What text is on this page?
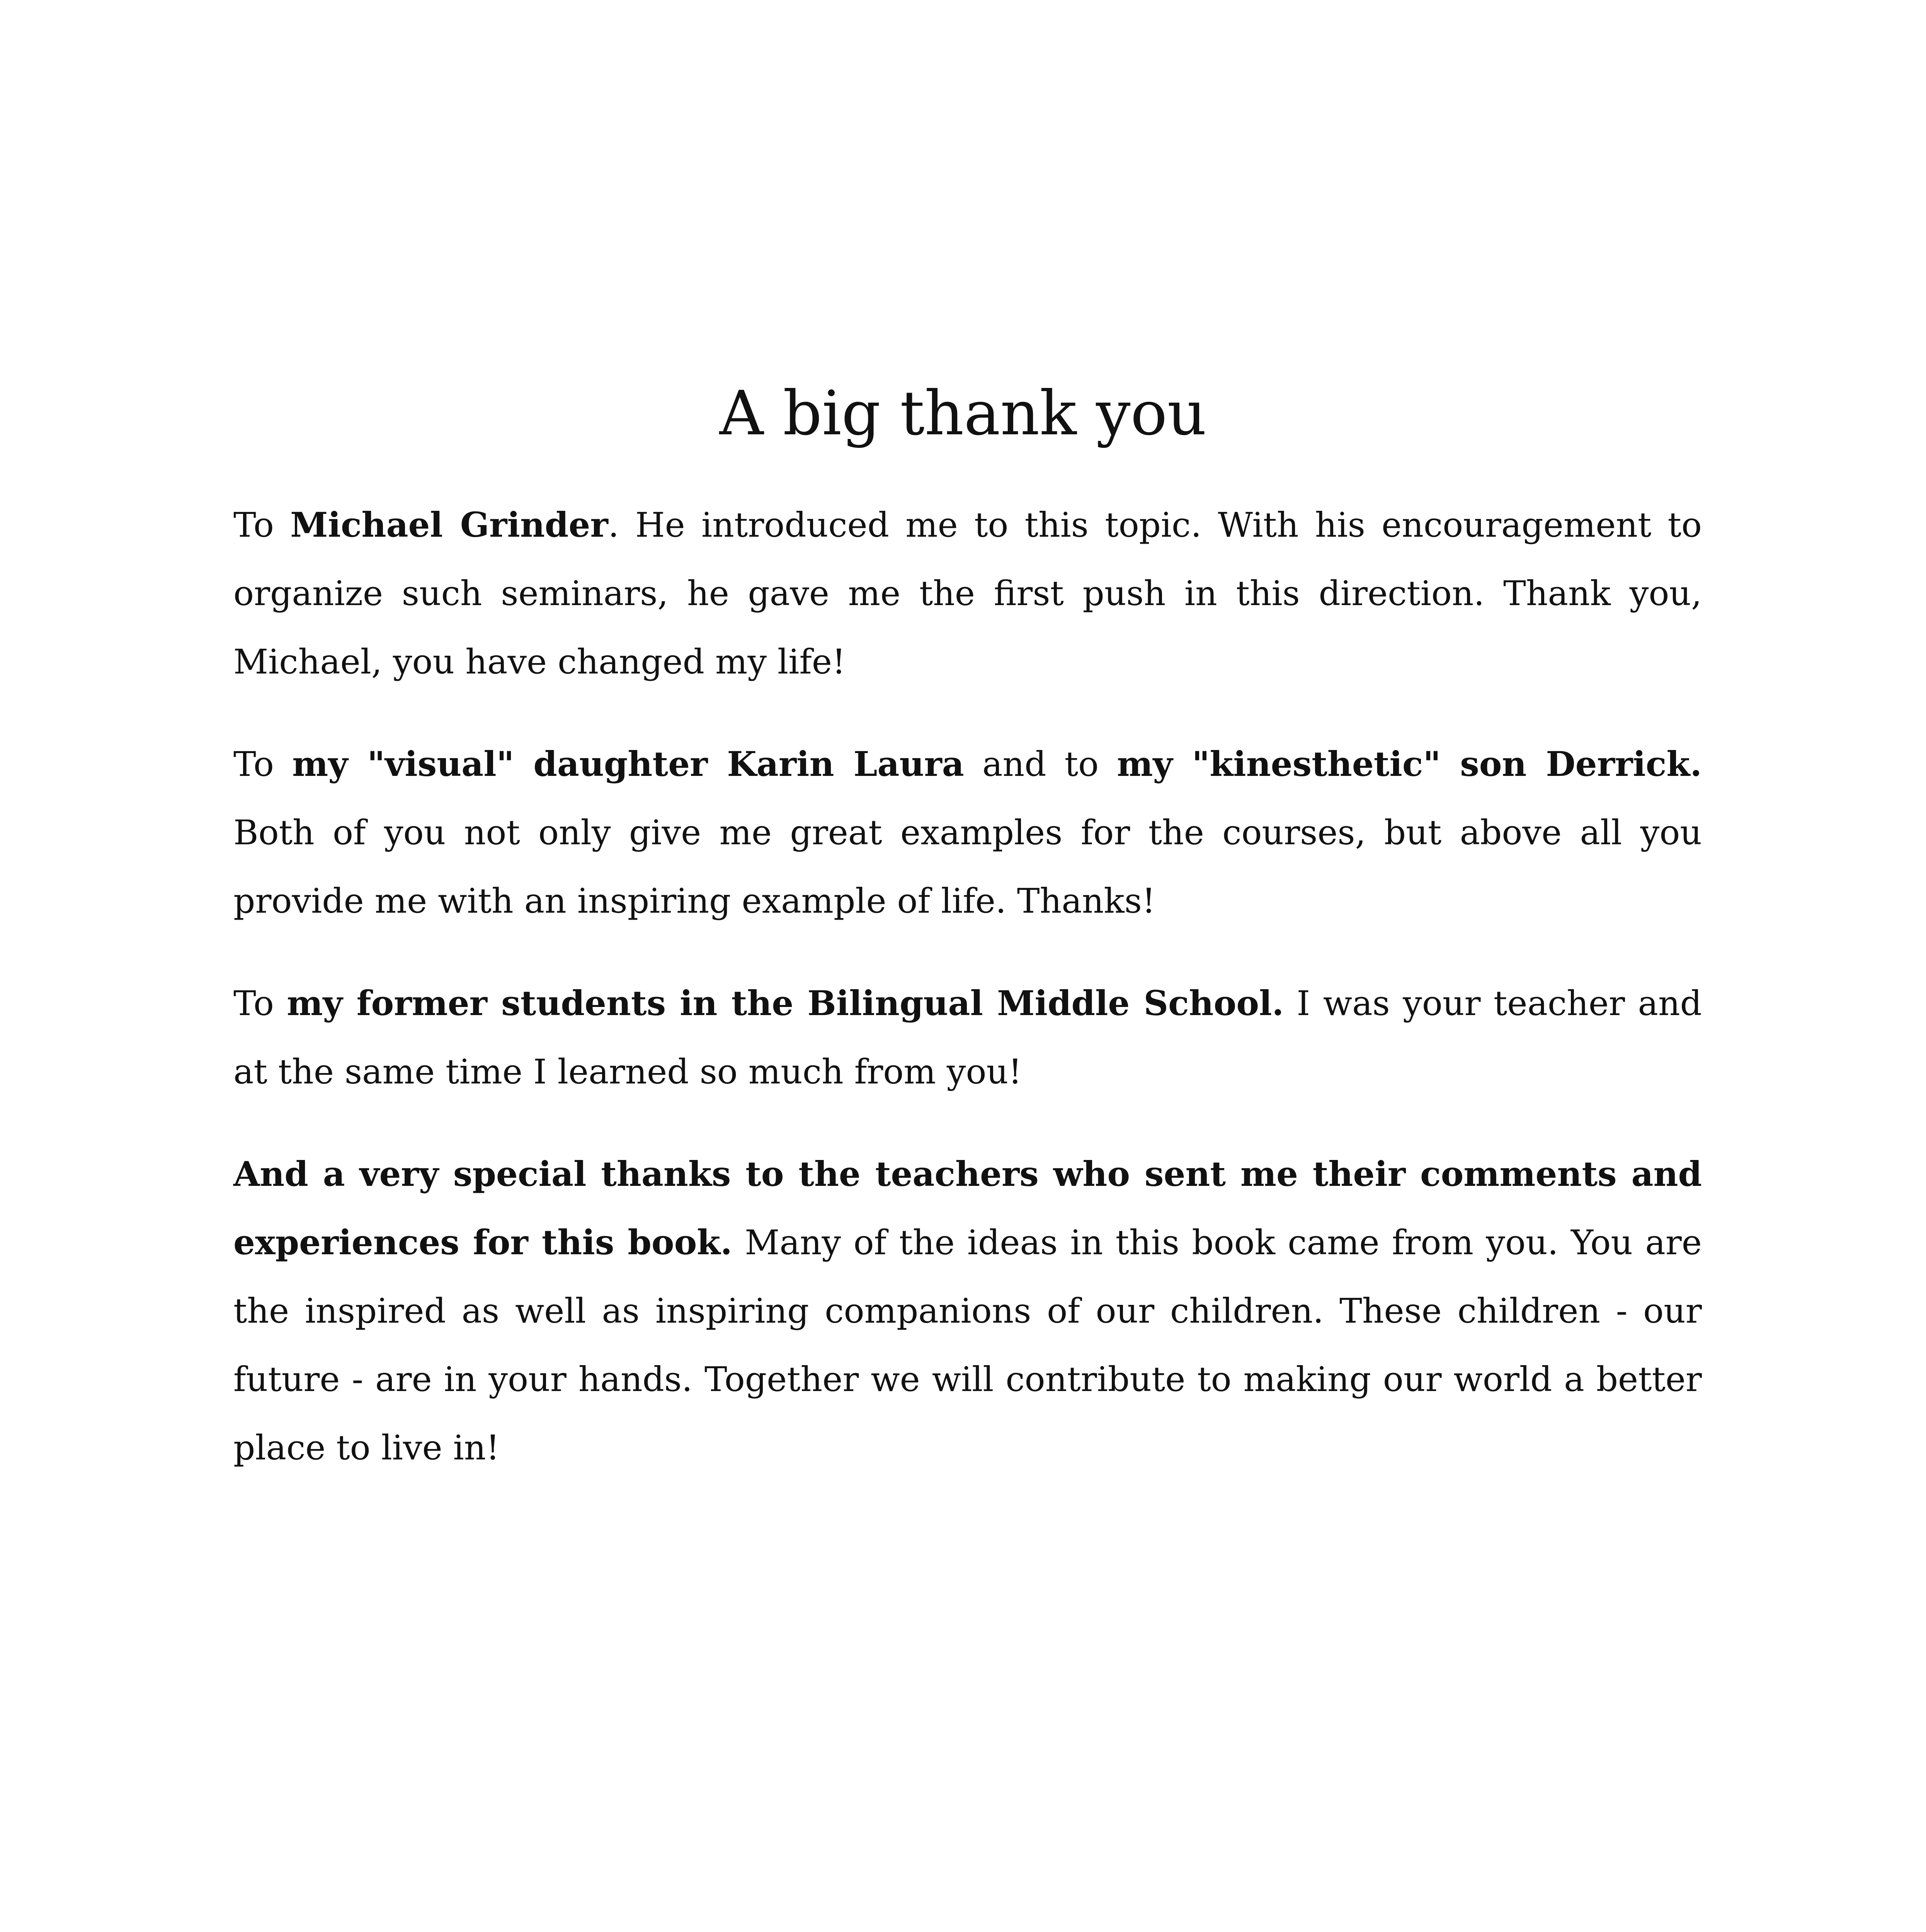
A big thank you

To Michael Grinder. He introduced me to this topic. With his encouragement to organize such seminars, he gave me the first push in this direction. Thank you, Michael, you have changed my life!

To my "visual" daughter Karin Laura and to my "kinesthetic" son Derrick. Both of you not only give me great examples for the courses, but above all you provide me with an inspiring example of life. Thanks!

To my former students in the Bilingual Middle School. I was your teacher and at the same time I learned so much from you!

And a very special thanks to the teachers who sent me their comments and experiences for this book. Many of the ideas in this book came from you. You are the inspired as well as inspiring companions of our children. These children - our future - are in your hands. Together we will contribute to making our world a better place to live in!
